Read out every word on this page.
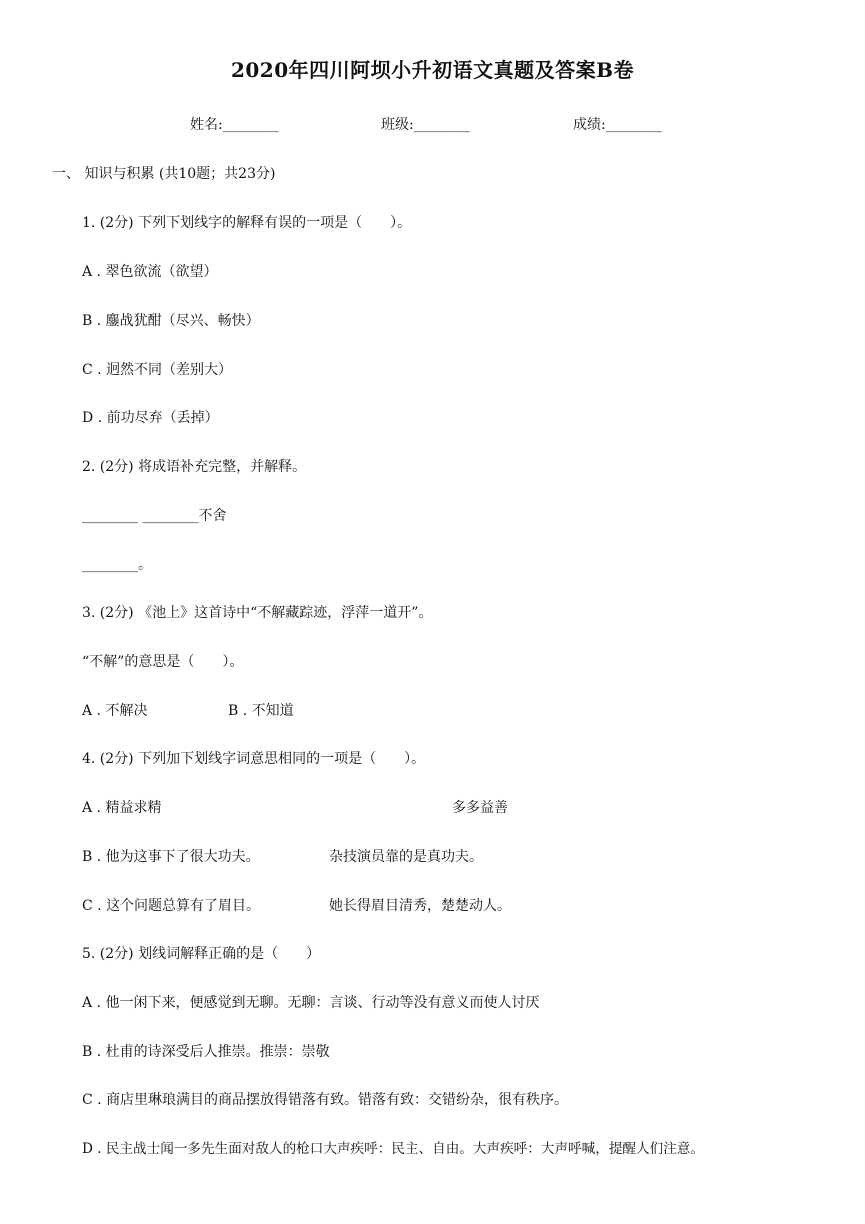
2020年四川阿坝小升初语文真题及答案B卷
姓名:________	班级:________	成绩:________
一、 知识与积累 (共10题；共23分)
1. (2分) 下列下划线字的解释有误的一项是（　　）。
A . 翠色欲流（欲望）
B . 鏖战犹酣（尽兴、畅快）
C . 迥然不同（差别大）
D . 前功尽弃（丢掉）
2. (2分) 将成语补充完整，并解释。
________ ________不舍
________。
3. (2分) 《池上》这首诗中“不解藏踪迹，浮萍一道开”。
“不解”的意思是（　　）。
A . 不解决	B . 不知道
4. (2分) 下列加下划线字词意思相同的一项是（　　）。
A . 精益求精	多多益善
B . 他为这事下了很大功夫。	杂技演员靠的是真功夫。
C . 这个问题总算有了眉目。	她长得眉目清秀，楚楚动人。
5. (2分) 划线词解释正确的是（　　）
A . 他一闲下来，便感觉到无聊。无聊：言谈、行动等没有意义而使人讨厌
B . 杜甫的诗深受后人推崇。推崇：崇敬
C . 商店里琳琅满目的商品摆放得错落有致。错落有致：交错纷杂，很有秩序。
D . 民主战士闻一多先生面对敌人的枪口大声疾呼：民主、自由。大声疾呼：大声呼喊，提醒人们注意。
